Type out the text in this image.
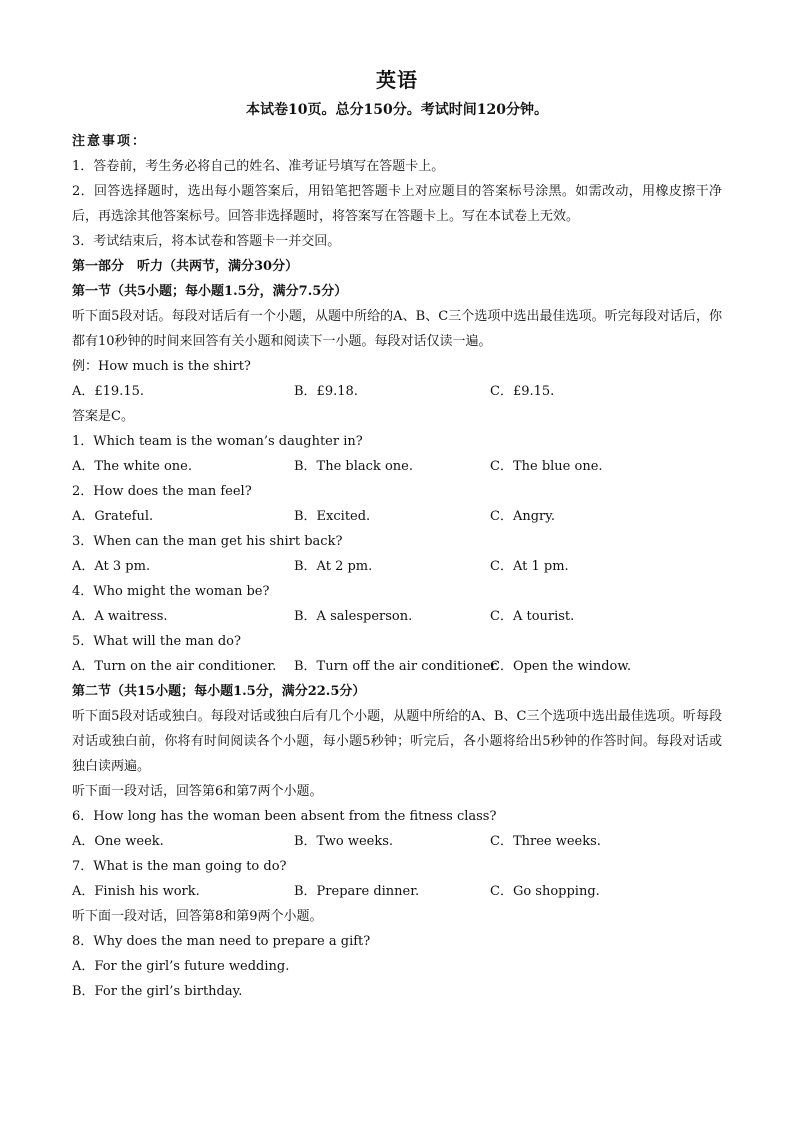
英语
本试卷10页。总分150分。考试时间120分钟。
注意事项：
1．答卷前，考生务必将自己的姓名、准考证号填写在答题卡上。
2．回答选择题时，选出每小题答案后，用铅笔把答题卡上对应题目的答案标号涂黑。如需改动，用橡皮擦干净后，再选涂其他答案标号。回答非选择题时，将答案写在答题卡上。写在本试卷上无效。
3．考试结束后，将本试卷和答题卡一并交回。
第一部分　听力（共两节，满分30分）
第一节（共5小题；每小题1.5分，满分7.5分）
听下面5段对话。每段对话后有一个小题，从题中所给的A、B、C三个选项中选出最佳选项。听完每段对话后，你都有10秒钟的时间来回答有关小题和阅读下一小题。每段对话仅读一遍。
例：How much is the shirt?
A．£19.15.	B．£9.18.	C．£9.15.
答案是C。
1．Which team is the woman’s daughter in?
A．The white one.	B．The black one.	C．The blue one.
2．How does the man feel?
A．Grateful.	B．Excited.	C．Angry.
3．When can the man get his shirt back?
A．At 3 pm.	B．At 2 pm.	C．At 1 pm.
4．Who might the woman be?
A．A waitress.	B．A salesperson.	C．A tourist.
5．What will the man do?
A．Turn on the air conditioner.	B．Turn off the air conditioner.
C．Open the window.
第二节（共15小题；每小题1.5分，满分22.5分）
听下面5段对话或独白。每段对话或独白后有几个小题，从题中所给的A、B、C三个选项中选出最佳选项。听每段对话或独白前，你将有时间阅读各个小题，每小题5秒钟；听完后，各小题将给出5秒钟的作答时间。每段对话或独白读两遍。
听下面一段对话，回答第6和第7两个小题。
6．How long has the woman been absent from the fitness class?
A．One week.	B．Two weeks.	C．Three weeks.
7．What is the man going to do?
A．Finish his work.	B．Prepare dinner.	C．Go shopping.
听下面一段对话，回答第8和第9两个小题。
8．Why does the man need to prepare a gift?
A．For the girl’s future wedding.
B．For the girl’s birthday.
